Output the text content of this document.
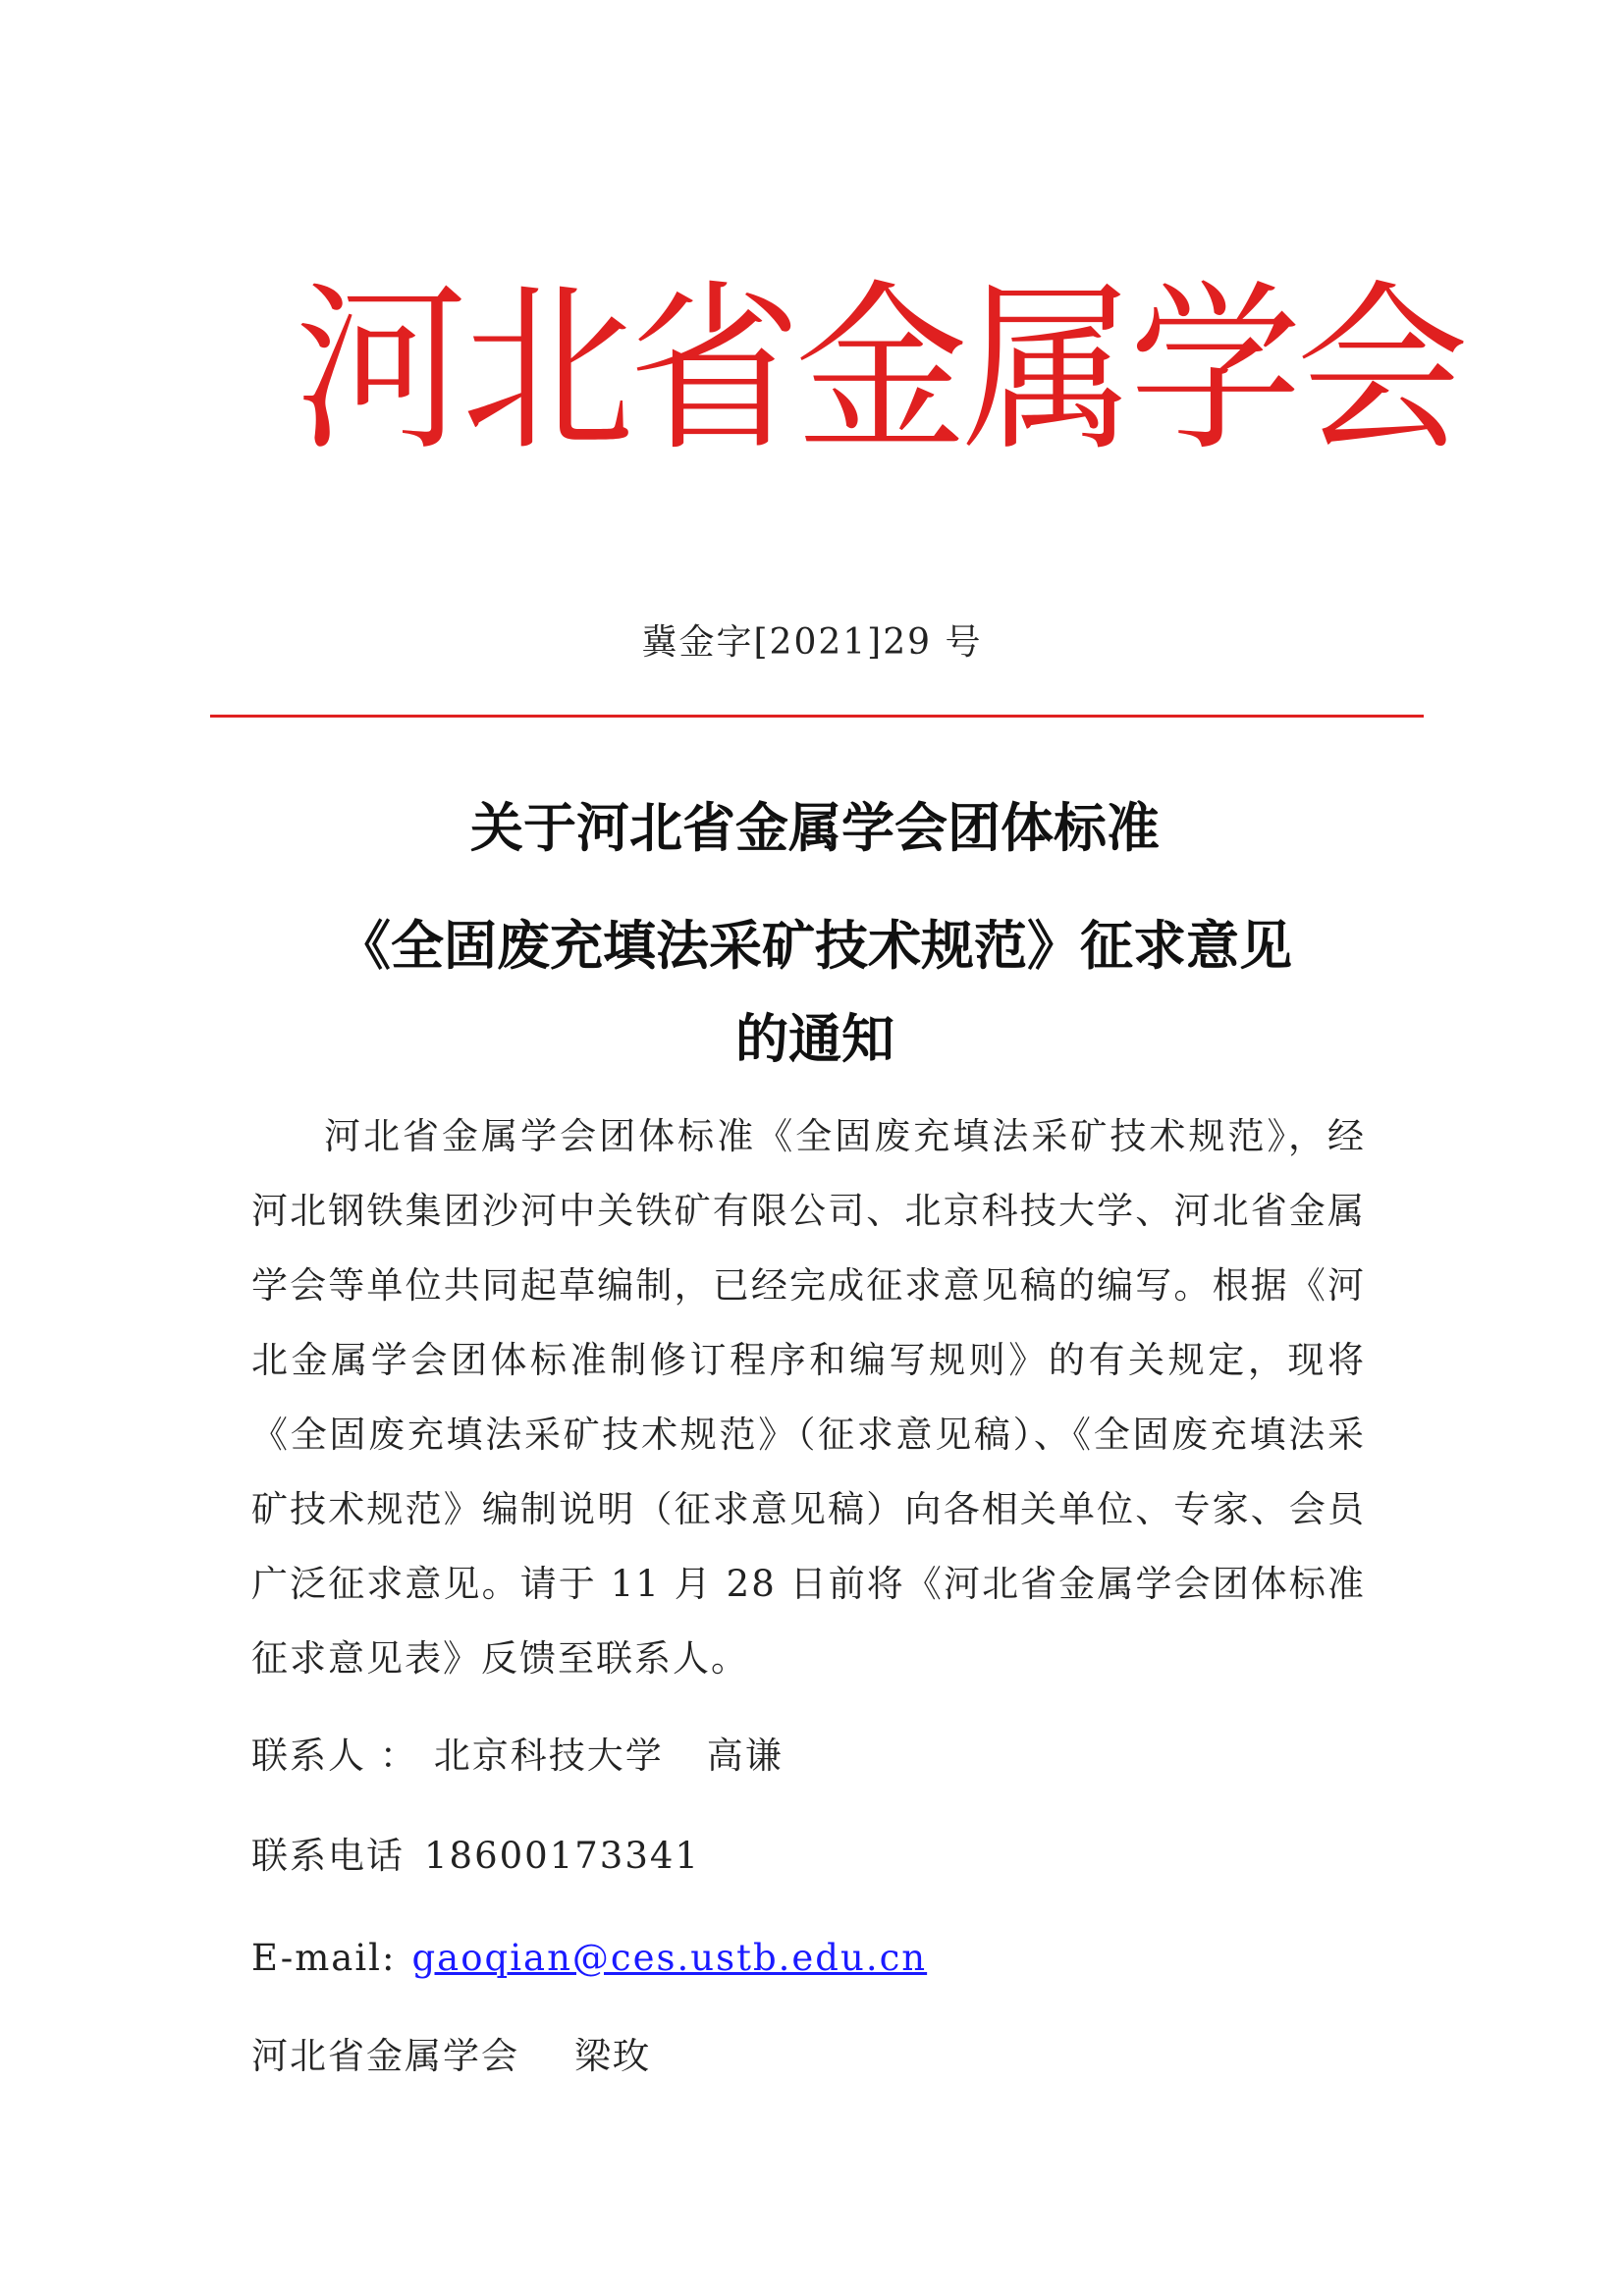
河北省金属学会
冀金字[2021]29 号
关于河北省金属学会团体标准
《全固废充填法采矿技术规范》征求意见
的通知
河北省金属学会团体标准《全固废充填法采矿技术规范》，经河北钢铁集团沙河中关铁矿有限公司、北京科技大学、河北省金属学会等单位共同起草编制，已经完成征求意见稿的编写。根据《河北金属学会团体标准制修订程序和编写规则》的有关规定，现将《全固废充填法采矿技术规范》（征求意见稿）、《全固废充填法采矿技术规范》编制说明（征求意见稿）向各相关单位、专家、会员广泛征求意见。请于 11 月 28 日前将《河北省金属学会团体标准征求意见表》反馈至联系人。
联系人 ： 北京科技大学 高谦
联系电话 18600173341
E-mail: gaoqian@ces.ustb.edu.cn
河北省金属学会 梁玫
